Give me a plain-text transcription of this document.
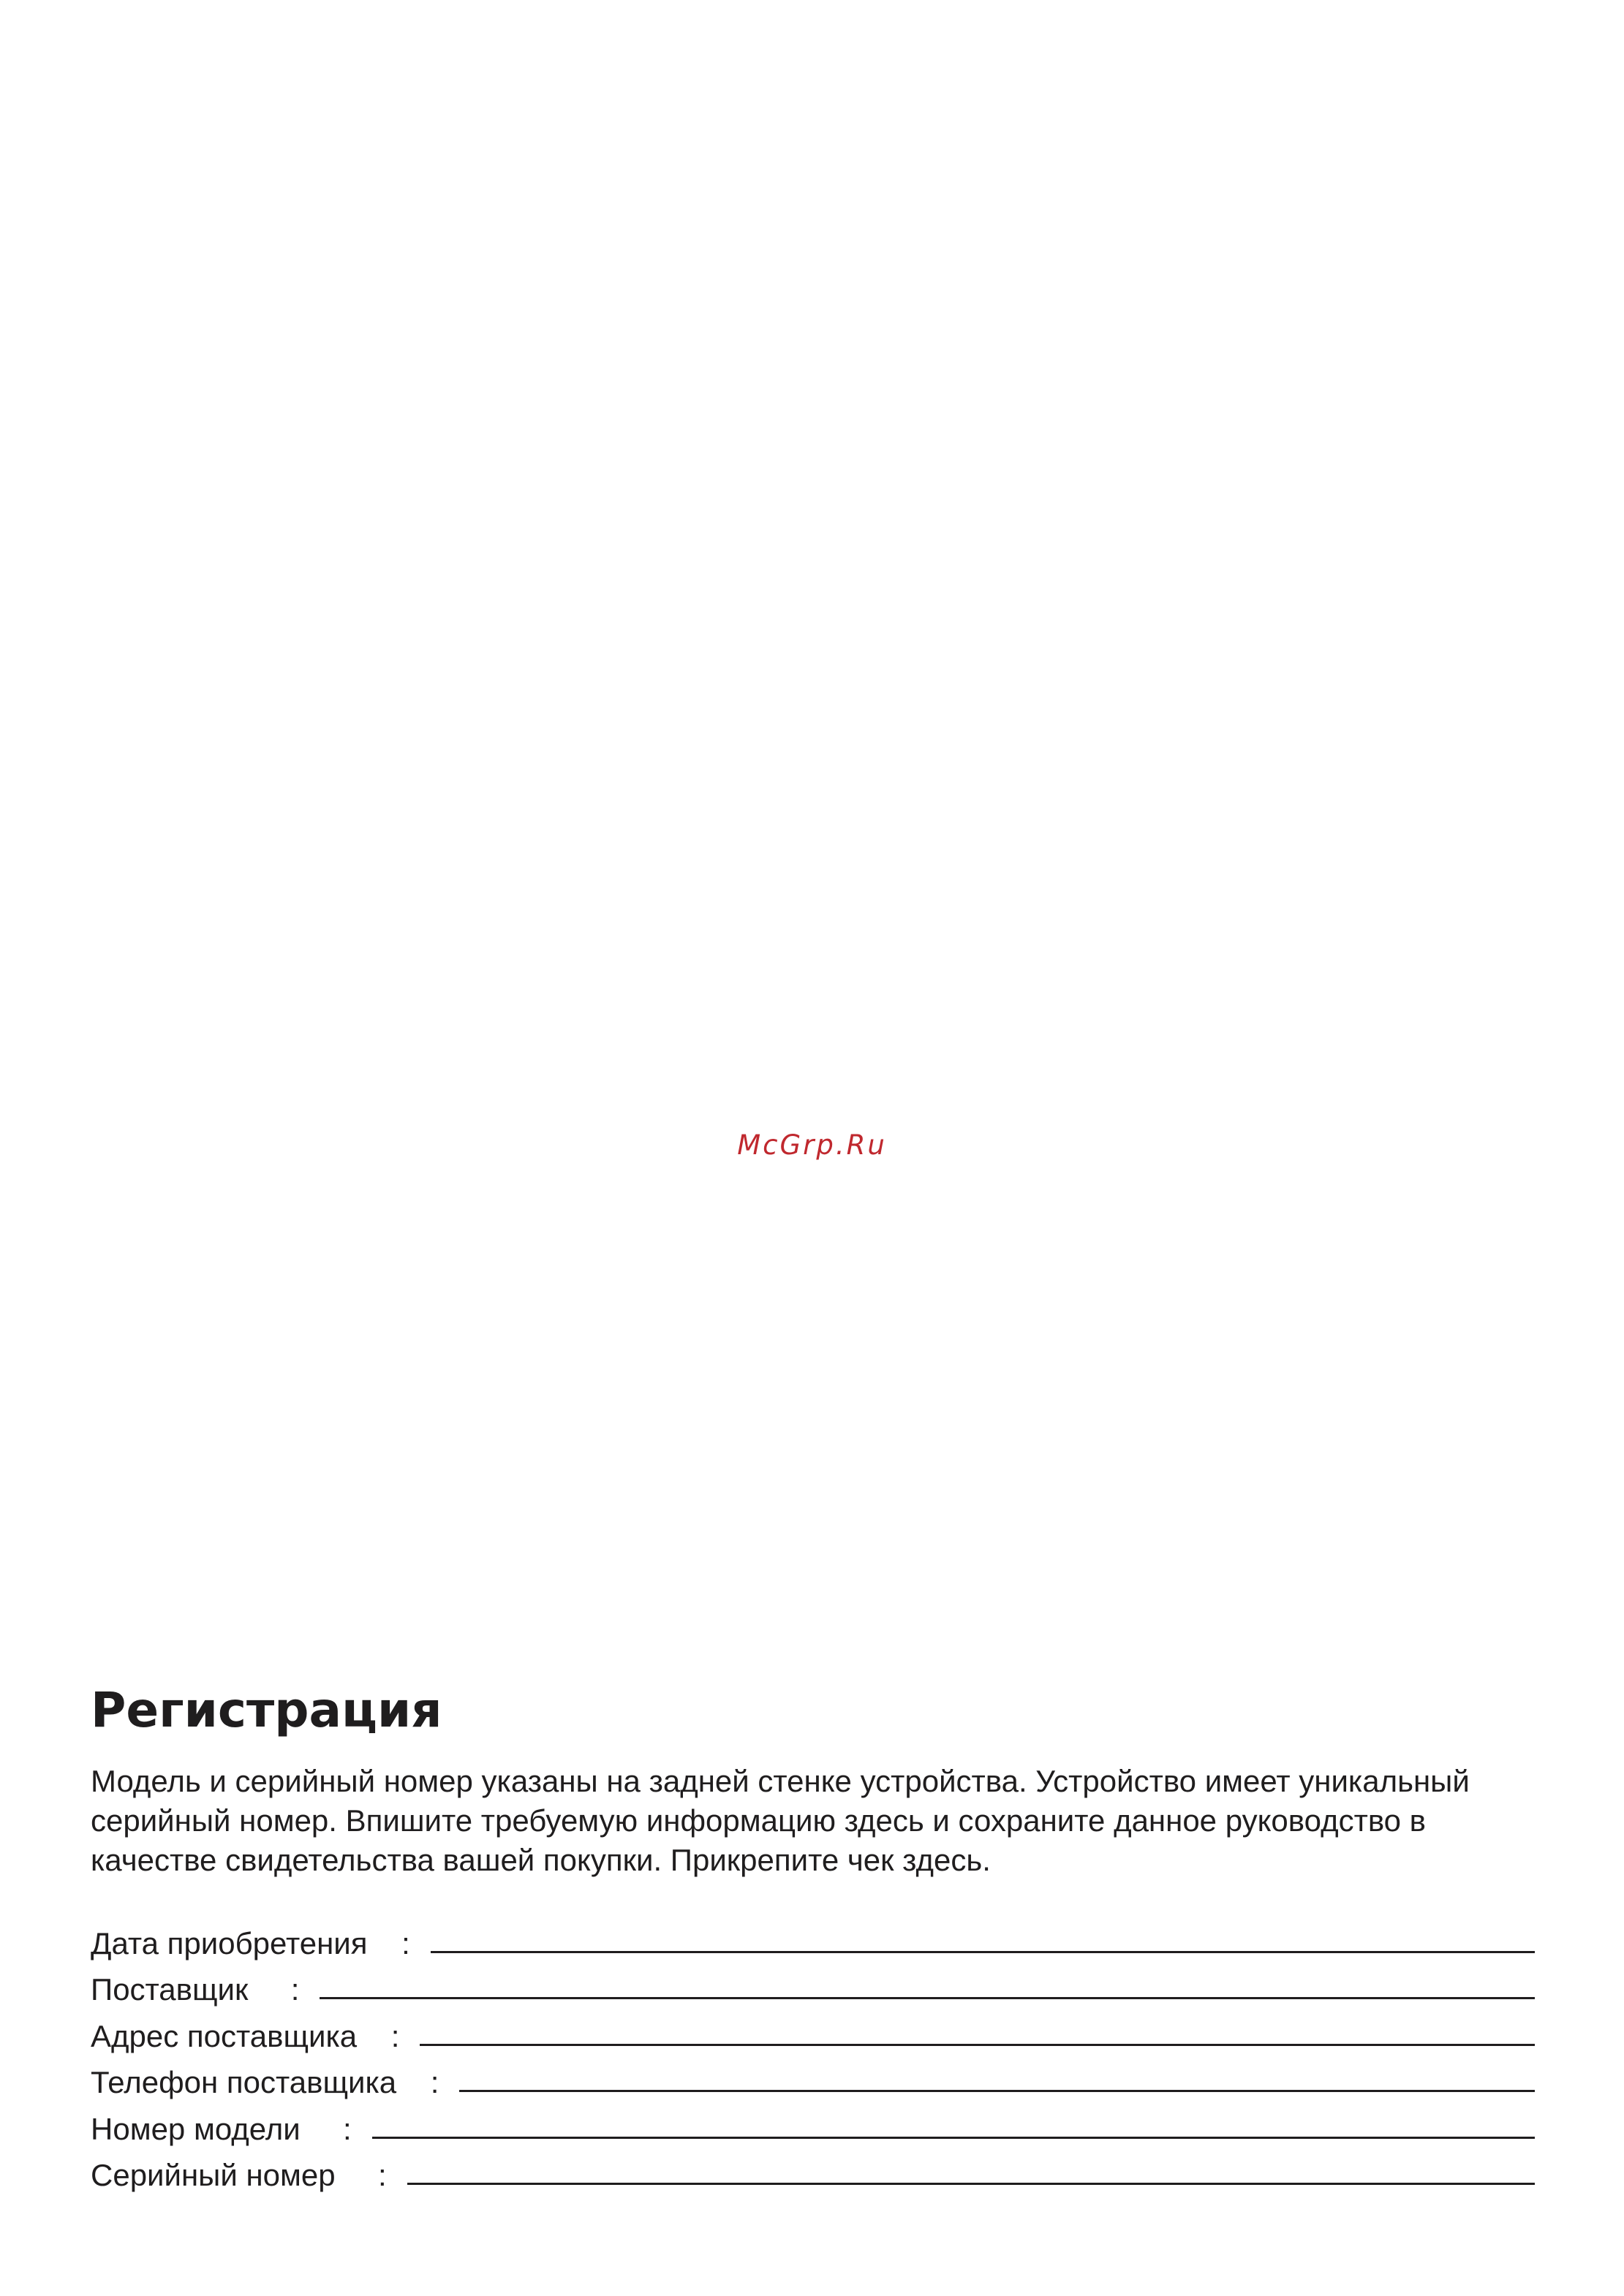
McGrp.Ru
Регистрация

Модель и серийный номер указаны на задней стенке устройства. Устройство имеет уникальный
серийный номер. Впишите требуемую информацию здесь и сохраните данное руководство в
качестве свидетельства вашей покупки. Прикрепите чек здесь.

Дата приобретения    :
Поставщик     :
Адрес поставщика    :
Телефон поставщика    :
Номер модели     :
Серийный номер     :
